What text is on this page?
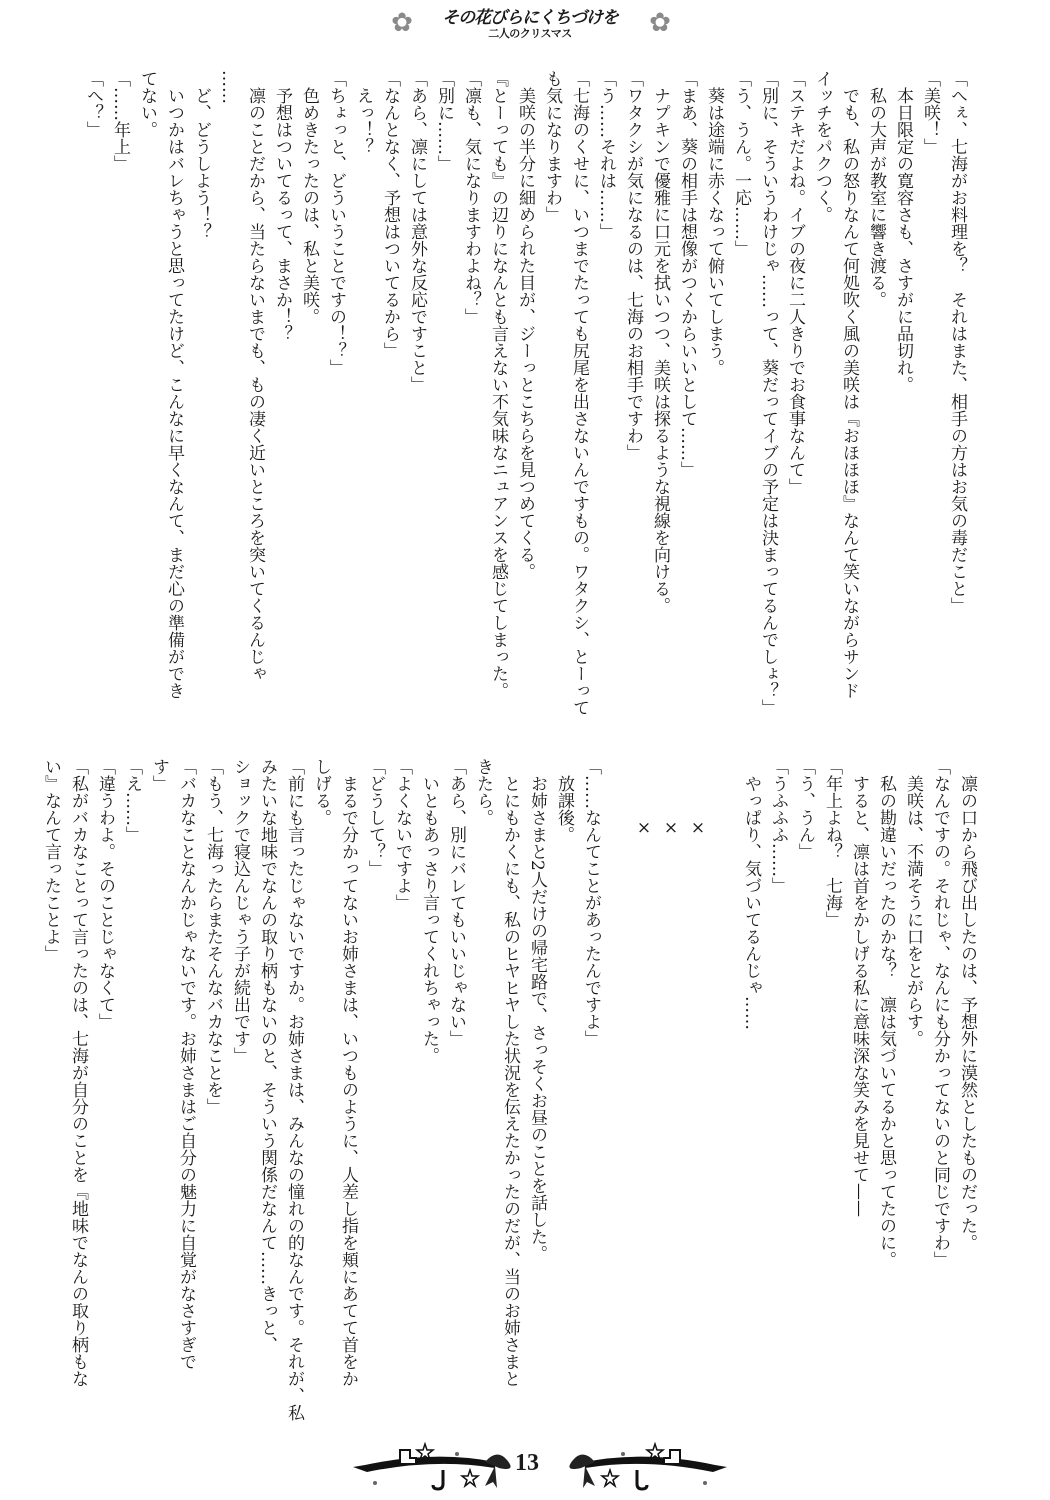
✿	その花びらにくちづけを
二人のクリスマス	✿
「へぇ、七海がお料理を？　それはまた、相手の方はお気の毒だこと」
「美咲！」
　本日限定の寛容さも、さすがに品切れ。
　私の大声が教室に響き渡る。
　でも、私の怒りなんて何処吹く風の美咲は『おほほほ』なんて笑いながらサンド
イッチをパクつく。
「ステキだよね。イブの夜に二人きりでお食事なんて」
「別に、そういうわけじゃ……って、葵だってイブの予定は決まってるんでしょ？」
「う、うん。一応……」
　葵は途端に赤くなって俯いてしまう。
「まあ、葵の相手は想像がつくからいいとして……」
　ナプキンで優雅に口元を拭いつつ、美咲は探るような視線を向ける。
「ワタクシが気になるのは、七海のお相手ですわ」
「う……それは……」
「七海のくせに、いつまでたっても尻尾を出さないんですもの。ワタクシ、とーって
も気になりますわ」
　美咲の半分に細められた目が、ジーっとこちらを見つめてくる。
『とーっても』の辺りになんとも言えない不気味なニュアンスを感じてしまった。
「凛も、気になりますわよね？」
「別に……」
「あら、凛にしては意外な反応ですこと」
「なんとなく、予想はついてるから」
　えっ！？
「ちょっと、どういうことですの！？」
　色めきたったのは、私と美咲。
　予想はついてるって、まさか！？
　凛のことだから、当たらないまでも、もの凄く近いところを突いてくるんじゃ
……
　ど、どうしよう！？
　いつかはバレちゃうと思ってたけど、こんなに早くなんて、まだ心の準備ができ
てない。
「……年上」
「へ？」
　凛の口から飛び出したのは、予想外に漠然としたものだった。
「なんですの。それじゃ、なんにも分かってないのと同じですわ」
　美咲は、不満そうに口をとがらす。
　私の勘違いだったのかな？　凛は気づいてるかと思ってたのに。
　すると、凛は首をかしげる私に意味深な笑みを見せて——
「年上よね？　七海」
「う、うん」
「うふふふ……」
　やっぱり、気づいてるんじゃ……
×
×
×
「……なんてことがあったんですよ」
　放課後。
　お姉さまと2人だけの帰宅路で、さっそくお昼のことを話した。
　とにもかくにも、私のヒヤヒヤした状況を伝えたかったのだが、当のお姉さまと
きたら。
「あら、別にバレてもいいじゃない」
　いともあっさり言ってくれちゃった。
「よくないですよ」
「どうして？」
　まるで分かってないお姉さまは、いつものように、人差し指を頬にあてて首をか
しげる。
「前にも言ったじゃないですか。お姉さまは、みんなの憧れの的なんです。それが、私
みたいな地味でなんの取り柄もないのと、そういう関係だなんて……きっと、
ショックで寝込んじゃう子が続出です」
「もう、七海ったらまたそんなバカなことを」
「バカなことなんかじゃないです。お姉さまはご自分の魅力に自覚がなさすぎで
す」
「え……」
「違うわよ。そのことじゃなくて」
「私がバカなことって言ったのは、七海が自分のことを『地味でなんの取り柄もな
い』なんて言ったことよ」
13
